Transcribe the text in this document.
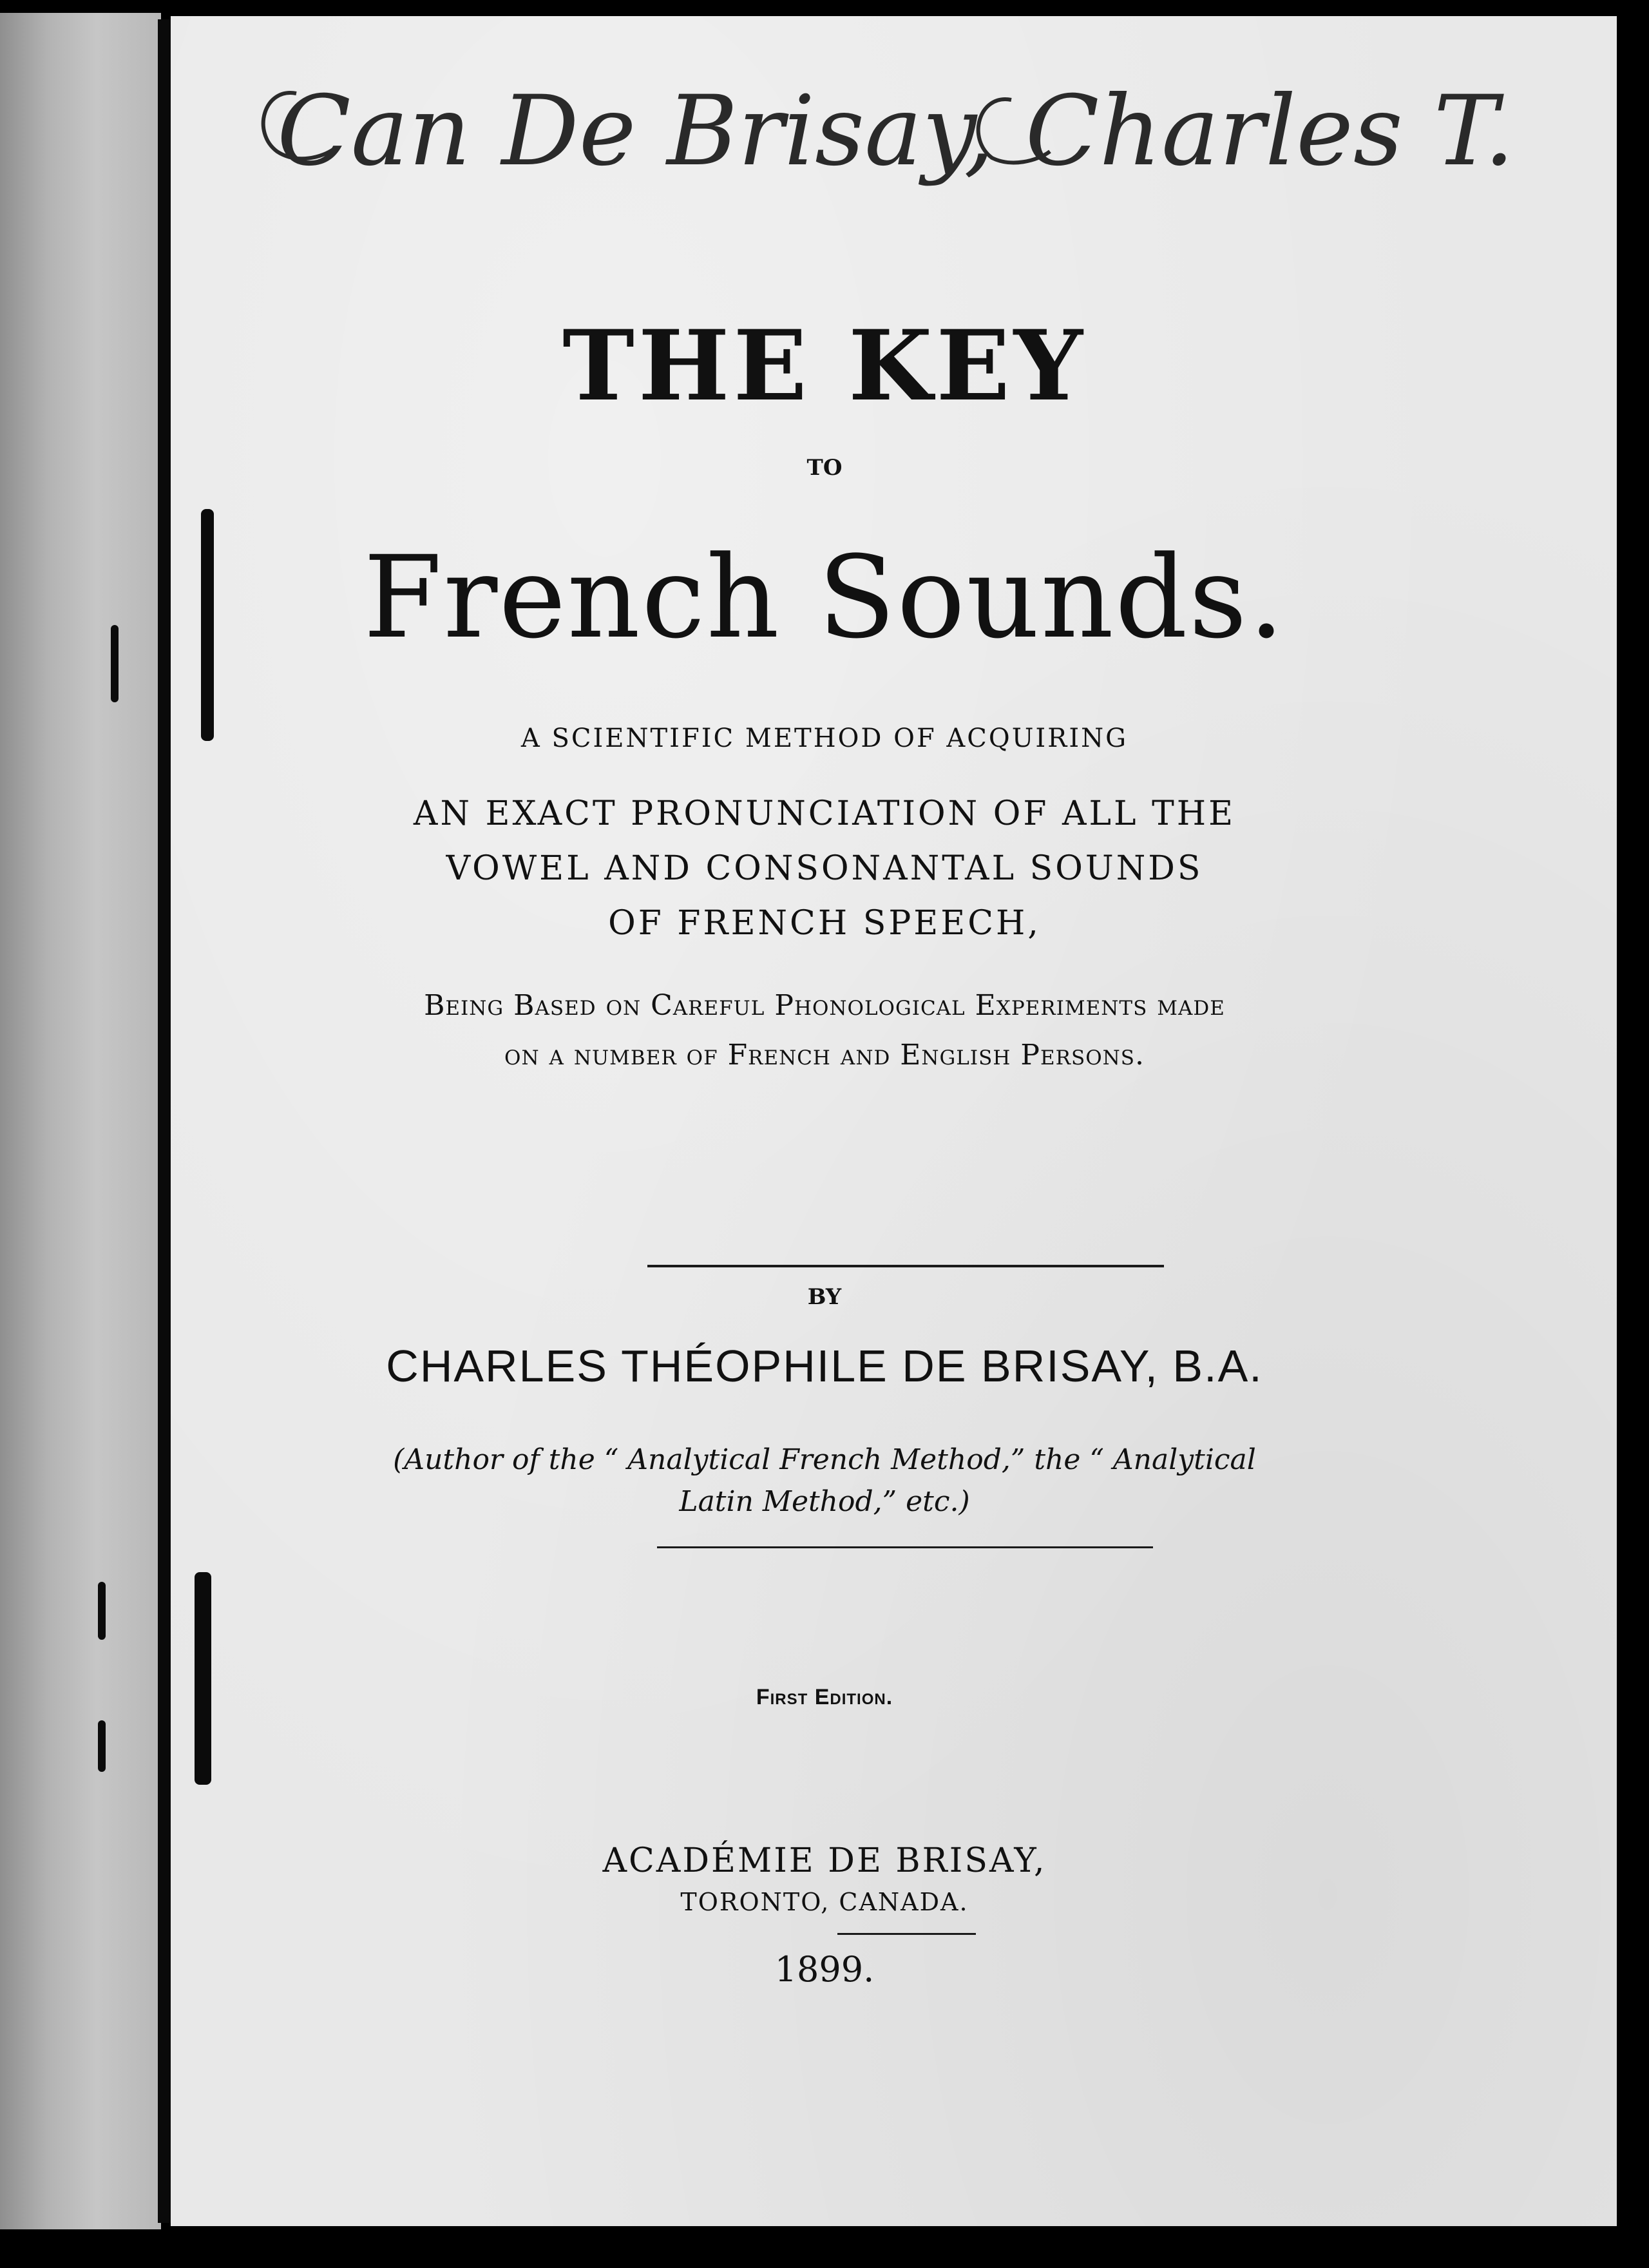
Can De Brisay, Charles T.
THE KEY
TO
French Sounds.
A SCIENTIFIC METHOD OF ACQUIRING
AN EXACT PRONUNCIATION OF ALL THE
VOWEL AND CONSONANTAL SOUNDS
OF FRENCH SPEECH,
Being Based on Careful Phonological Experiments made
on a number of French and English Persons.
BY
CHARLES THÉOPHILE DE BRISAY, B.A.
(Author of the “ Analytical French Method,” the “ Analytical
Latin Method,” etc.)
First Edition.
ACADÉMIE DE BRISAY,
TORONTO, CANADA.
1899.
